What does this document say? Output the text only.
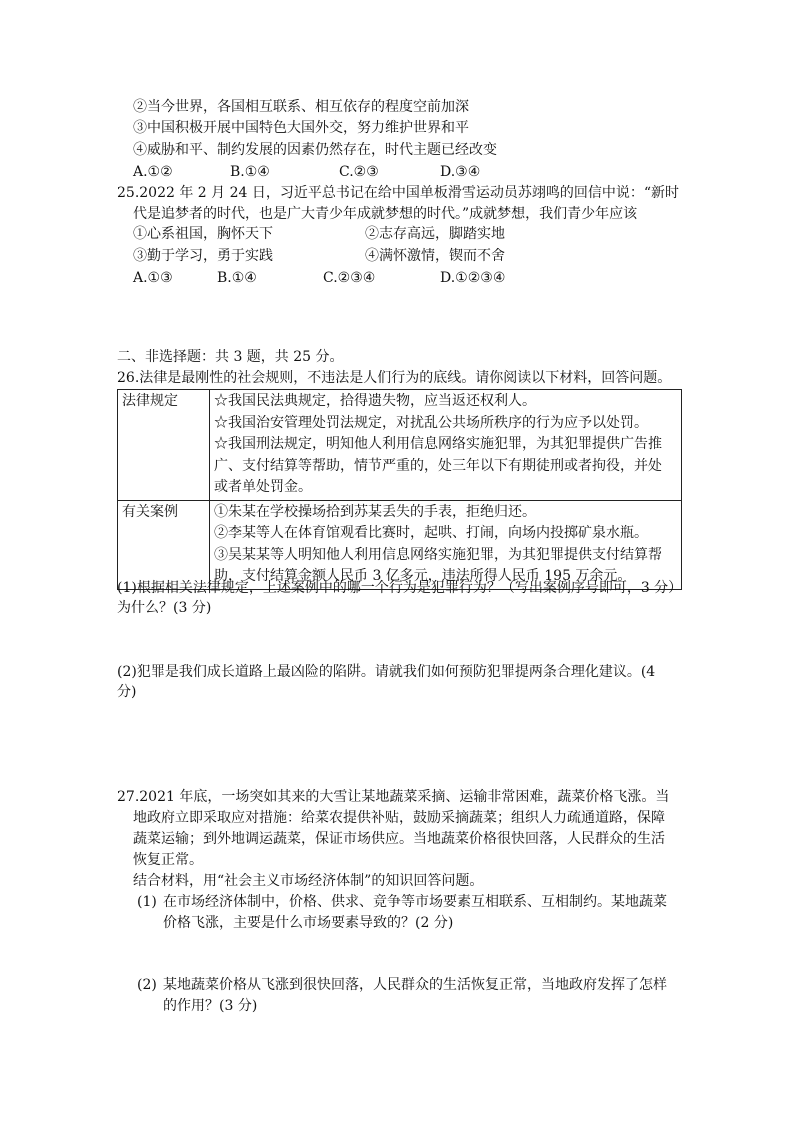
②当今世界，各国相互联系、相互依存的程度空前加深
③中国积极开展中国特色大国外交，努力维护世界和平
④威胁和平、制约发展的因素仍然存在，时代主题已经改变
A.①②	B.①④	C.②③	D.③④
25.2022 年 2 月 24 日，习近平总书记在给中国单板滑雪运动员苏翊鸣的回信中说：“新时
代是追梦者的时代，也是广大青少年成就梦想的时代。”成就梦想，我们青少年应该
①心系祖国，胸怀天下	②志存高远，脚踏实地
③勤于学习，勇于实践	④满怀激情，锲而不舍
A.①③	B.①④	C.②③④	D.①②③④
二、非选择题：共 3 题，共 25 分。
26.法律是最刚性的社会规则，不违法是人们行为的底线。请你阅读以下材料，回答问题。
法律规定	☆我国民法典规定，拾得遗失物，应当返还权利人。
☆我国治安管理处罚法规定，对扰乱公共场所秩序的行为应予以处罚。
☆我国刑法规定，明知他人利用信息网络实施犯罪，为其犯罪提供广告推
广、支付结算等帮助，情节严重的，处三年以下有期徒刑或者拘役，并处
或者单处罚金。

有关案例	①朱某在学校操场拾到苏某丢失的手表，拒绝归还。
②李某等人在体育馆观看比赛时，起哄、打闹，向场内投掷矿泉水瓶。
③吴某某等人明知他人利用信息网络实施犯罪，为其犯罪提供支付结算帮
助，支付结算金额人民币 3 亿多元，违法所得人民币 195 万余元。
(1)根据相关法律规定，上述案例中的哪一个行为是犯罪行为？（写出案例序号即可，3 分）
为什么？(3 分)
(2)犯罪是我们成长道路上最凶险的陷阱。请就我们如何预防犯罪提两条合理化建议。(4
分)
27.2021 年底，一场突如其来的大雪让某地蔬菜采摘、运输非常困难，蔬菜价格飞涨。当
地政府立即采取应对措施：给菜农提供补贴，鼓励采摘蔬菜；组织人力疏通道路，保障
蔬菜运输；到外地调运蔬菜，保证市场供应。当地蔬菜价格很快回落，人民群众的生活
恢复正常。
结合材料，用“社会主义市场经济体制”的知识回答问题。
(1) 在市场经济体制中，价格、供求、竞争等市场要素互相联系、互相制约。某地蔬菜
价格飞涨，主要是什么市场要素导致的？(2 分)
(2) 某地蔬菜价格从飞涨到很快回落，人民群众的生活恢复正常，当地政府发挥了怎样
的作用？(3 分)
